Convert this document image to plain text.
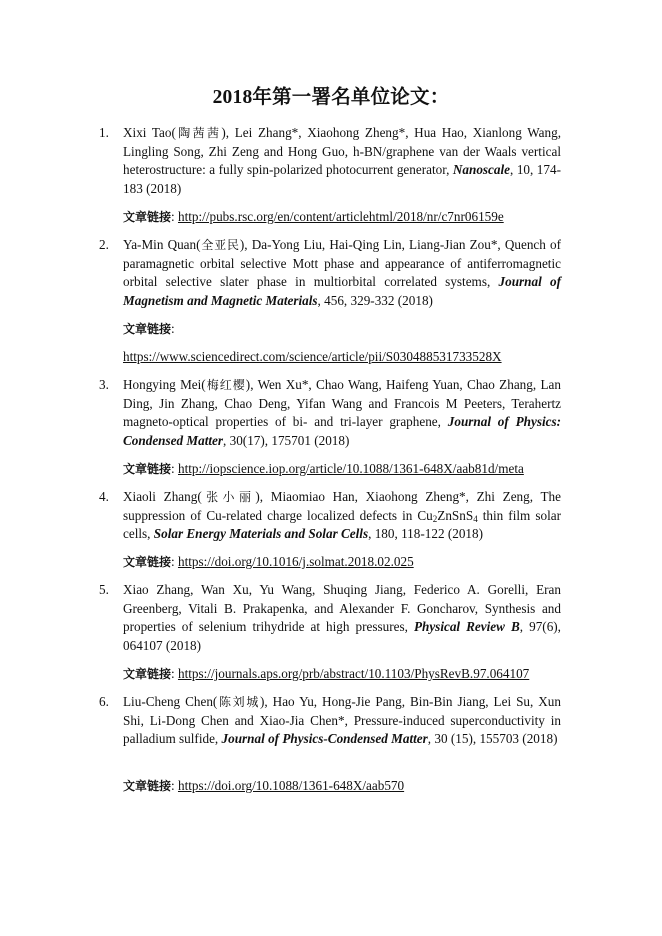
2018年第一署名单位论文：
1. Xixi Tao(陶茜茜), Lei Zhang*, Xiaohong Zheng*, Hua Hao, Xianlong Wang, Lingling Song, Zhi Zeng and Hong Guo, h-BN/graphene van der Waals vertical heterostructure: a fully spin-polarized photocurrent generator, Nanoscale, 10, 174-183 (2018)

文章链接: http://pubs.rsc.org/en/content/articlehtml/2018/nr/c7nr06159e
2. Ya-Min Quan(全亚民), Da-Yong Liu, Hai-Qing Lin, Liang-Jian Zou*, Quench of paramagnetic orbital selective Mott phase and appearance of antiferromagnetic orbital selective slater phase in multiorbital correlated systems, Journal of Magnetism and Magnetic Materials, 456, 329-332 (2018)

文章链接:
https://www.sciencedirect.com/science/article/pii/S030488531733528X
3. Hongying Mei(梅红樱), Wen Xu*, Chao Wang, Haifeng Yuan, Chao Zhang, Lan Ding, Jin Zhang, Chao Deng, Yifan Wang and Francois M Peeters, Terahertz magneto-optical properties of bi- and tri-layer graphene, Journal of Physics: Condensed Matter, 30(17), 175701 (2018)

文章链接: http://iopscience.iop.org/article/10.1088/1361-648X/aab81d/meta
4. Xiaoli Zhang(张小丽), Miaomiao Han, Xiaohong Zheng*, Zhi Zeng, The suppression of Cu-related charge localized defects in $Cu_2ZnSnS_4$ thin film solar cells, Solar Energy Materials and Solar Cells, 180, 118-122 (2018)

文章链接: https://doi.org/10.1016/j.solmat.2018.02.025
5. Xiao Zhang, Wan Xu, Yu Wang, Shuqing Jiang, Federico A. Gorelli, Eran Greenberg, Vitali B. Prakapenka, and Alexander F. Goncharov, Synthesis and properties of selenium trihydride at high pressures, Physical Review B, 97(6), 064107 (2018)

文章链接: https://journals.aps.org/prb/abstract/10.1103/PhysRevB.97.064107
6. Liu-Cheng Chen(陈刘城), Hao Yu, Hong-Jie Pang, Bin-Bin Jiang, Lei Su, Xun Shi, Li-Dong Chen and Xiao-Jia Chen*, Pressure-induced superconductivity in palladium sulfide, Journal of Physics-Condensed Matter, 30 (15), 155703 (2018)

文章链接: https://doi.org/10.1088/1361-648X/aab570
